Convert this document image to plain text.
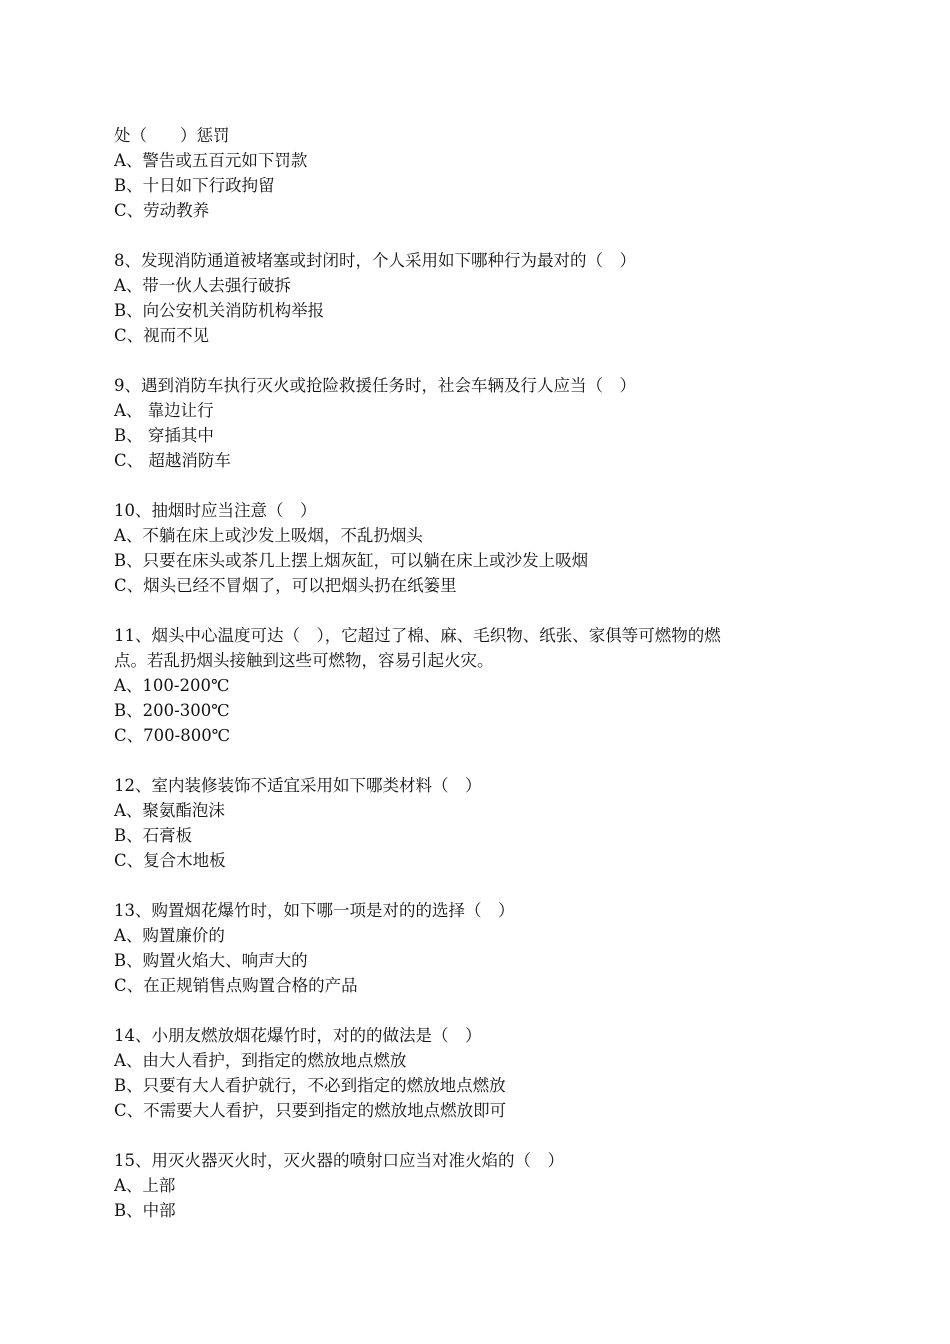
处（　　）惩罚
A、警告或五百元如下罚款
B、十日如下行政拘留
C、劳动教养
8、发现消防通道被堵塞或封闭时，个人采用如下哪种行为最对的（　）
A、带一伙人去强行破拆
B、向公安机关消防机构举报
C、视而不见
9、遇到消防车执行灭火或抢险救援任务时，社会车辆及行人应当（　）
A、 靠边让行
B、 穿插其中
C、 超越消防车
10、抽烟时应当注意（　）
A、不躺在床上或沙发上吸烟，不乱扔烟头
B、只要在床头或茶几上摆上烟灰缸，可以躺在床上或沙发上吸烟
C、烟头已经不冒烟了，可以把烟头扔在纸篓里
11、烟头中心温度可达（　），它超过了棉、麻、毛织物、纸张、家俱等可燃物的燃
点。若乱扔烟头接触到这些可燃物，容易引起火灾。
A、100-200℃
B、200-300℃
C、700-800℃
12、室内装修装饰不适宜采用如下哪类材料（　）
A、聚氨酯泡沫
B、石膏板
C、复合木地板
13、购置烟花爆竹时，如下哪一项是对的的选择（　）
A、购置廉价的
B、购置火焰大、响声大的
C、在正规销售点购置合格的产品
14、小朋友燃放烟花爆竹时，对的的做法是（　）
A、由大人看护，到指定的燃放地点燃放
B、只要有大人看护就行，不必到指定的燃放地点燃放
C、不需要大人看护，只要到指定的燃放地点燃放即可
15、用灭火器灭火时，灭火器的喷射口应当对准火焰的（　）
A、上部
B、中部
